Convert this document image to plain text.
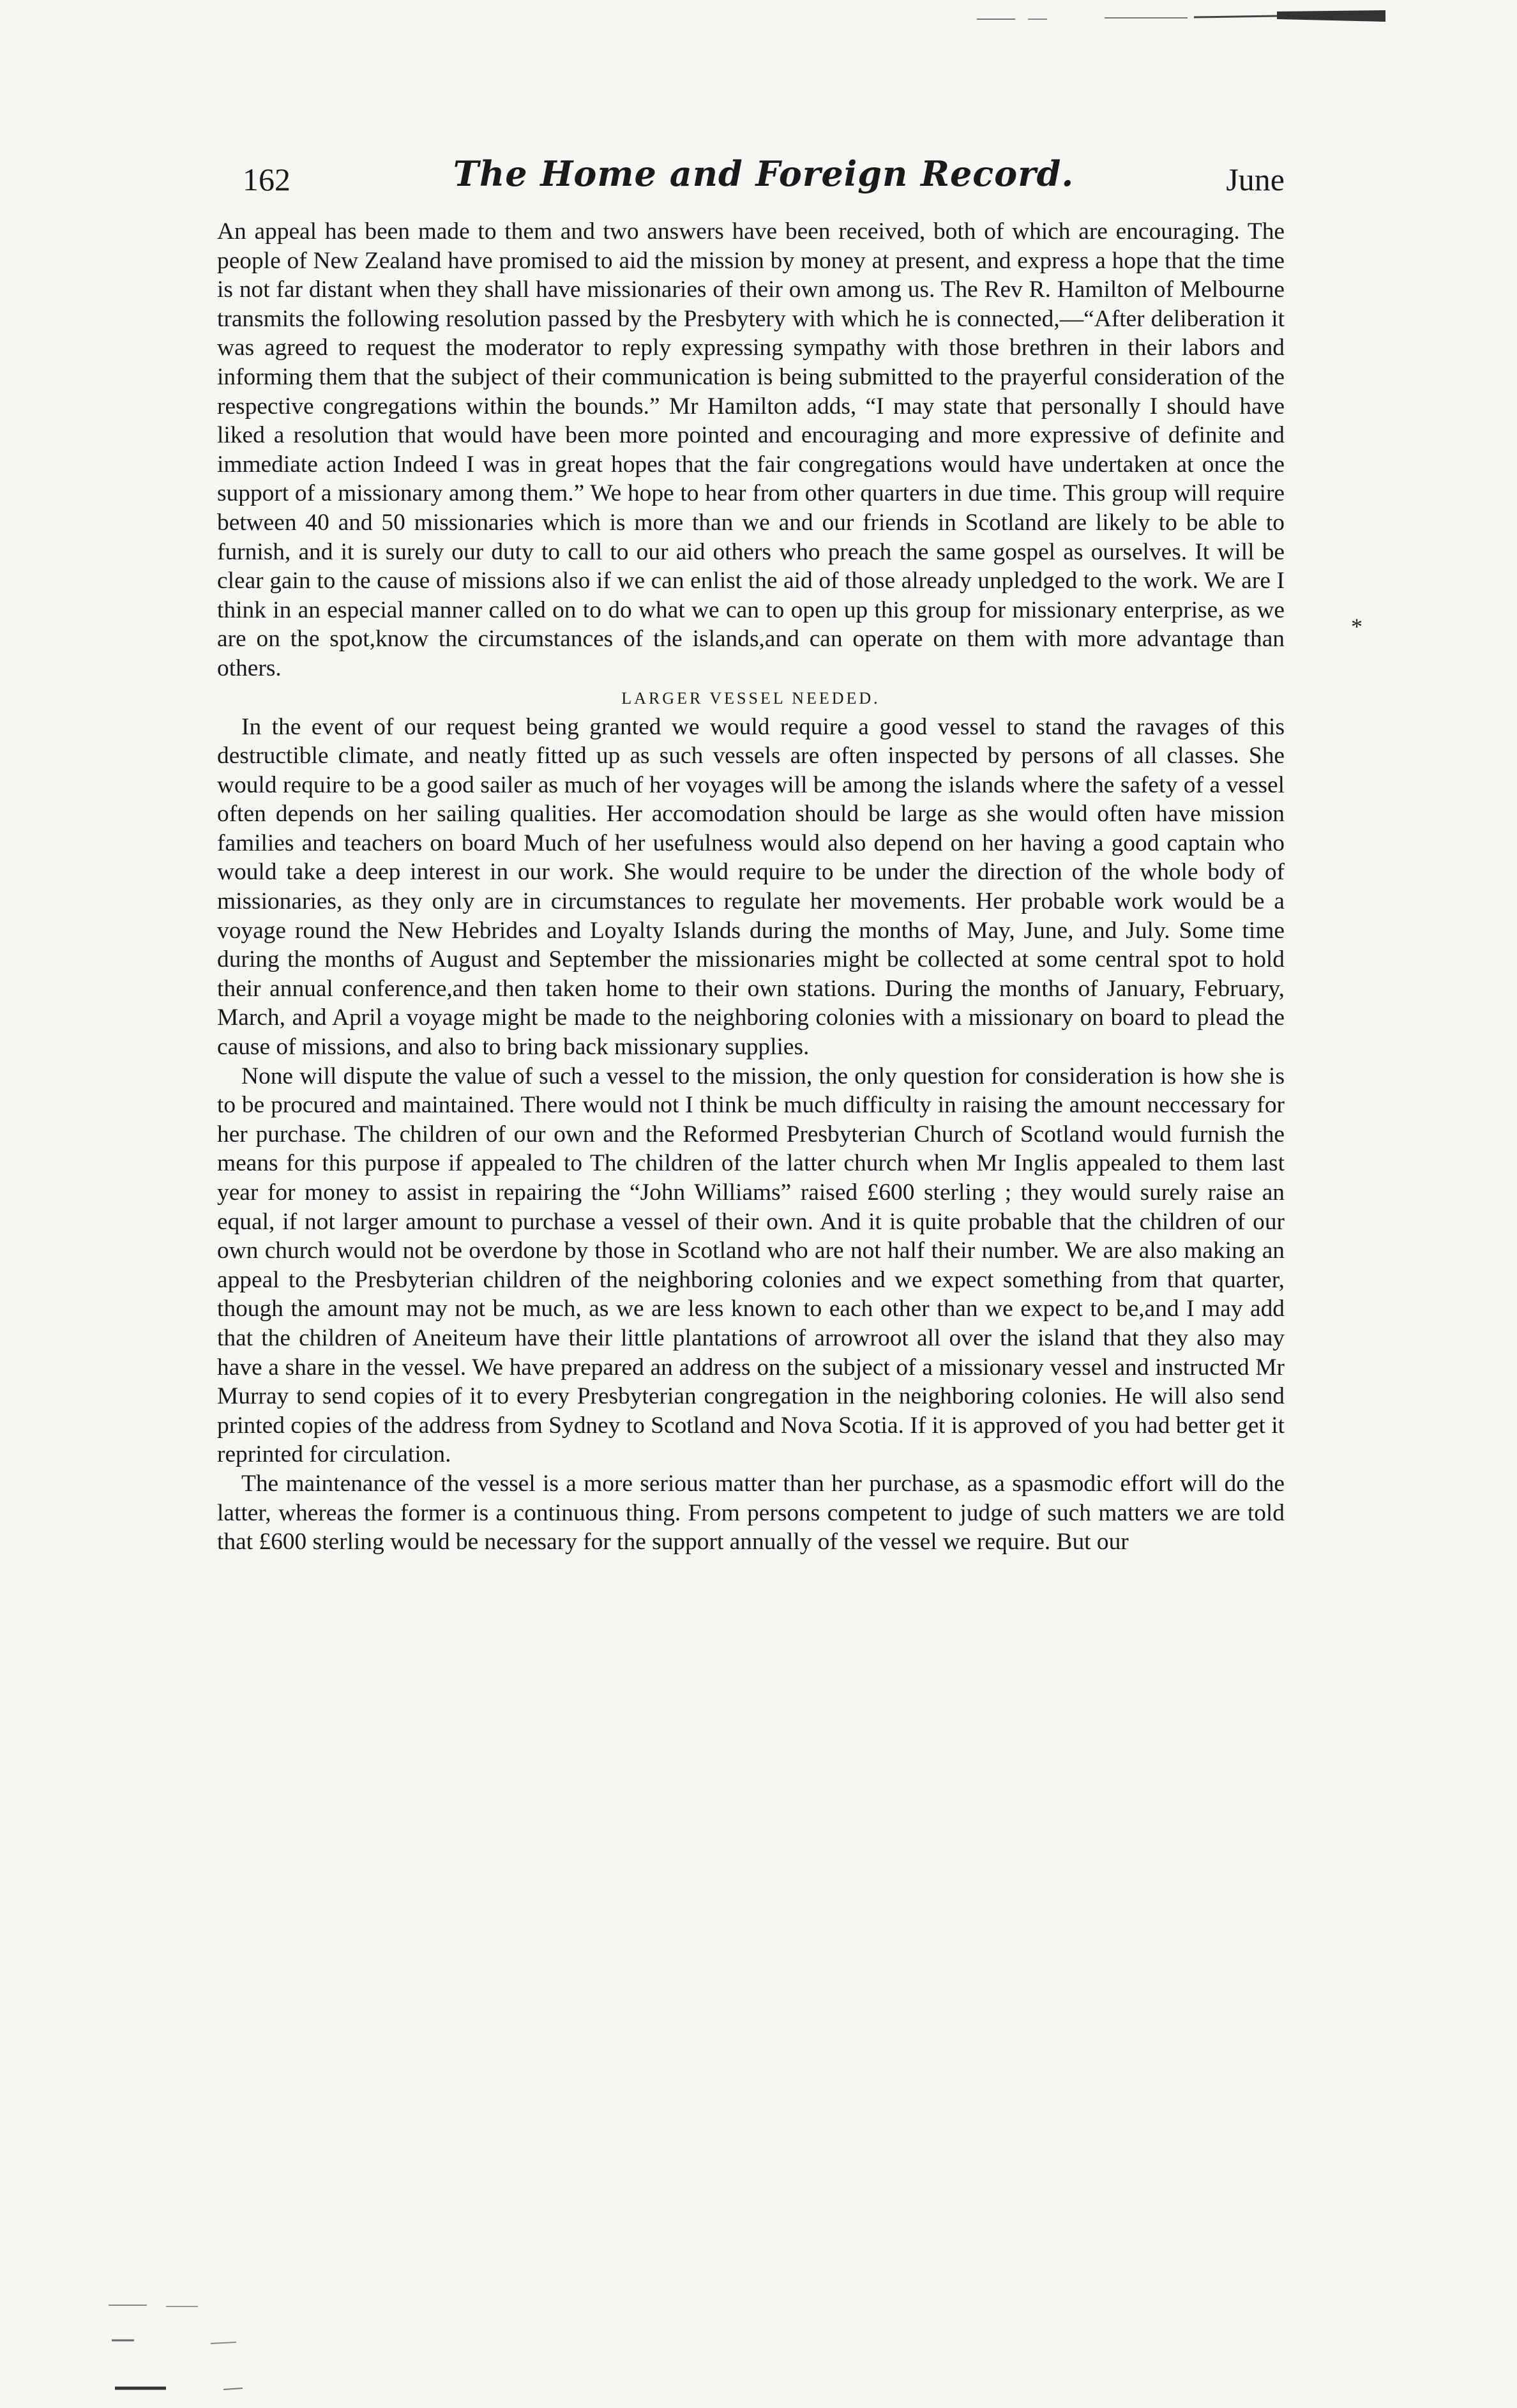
162	The Home and Foreign Record.	June

An appeal has been made to them and two answers have been received, both of which are encouraging. The people of New Zealand have promised to aid the mission by money at present, and express a hope that the time is not far distant when they shall have missionaries of their own among us. The Rev R. Hamilton of Melbourne transmits the following resolution passed by the Presbytery with which he is connected,—“After deliberation it was agreed to request the moderator to reply expressing sympathy with those brethren in their labors and informing them that the subject of their communication is being submitted to the prayerful consideration of the respective congregations within the bounds.” Mr Hamilton adds, “I may state that personally I should have liked a resolution that would have been more pointed and encouraging and more expressive of definite and immediate action Indeed I was in great hopes that the fair congregations would have undertaken at once the support of a missionary among them.” We hope to hear from other quarters in due time. This group will require between 40 and 50 missionaries which is more than we and our friends in Scotland are likely to be able to furnish, and it is surely our duty to call to our aid others who preach the same gospel as ourselves. It will be clear gain to the cause of missions also if we can enlist the aid of those already unpledged to the work. We are I think in an especial manner called on to do what we can to open up this group for missionary enterprise, as we are on the spot,know the circumstances of the islands,and can operate on them with more advantage than others.

LARGER VESSEL NEEDED.

In the event of our request being granted we would require a good vessel to stand the ravages of this destructible climate, and neatly fitted up as such vessels are often inspected by persons of all classes. She would require to be a good sailer as much of her voyages will be among the islands where the safety of a vessel often depends on her sailing qualities. Her accomodation should be large as she would often have mission families and teachers on board Much of her usefulness would also depend on her having a good captain who would take a deep interest in our work. She would require to be under the direction of the whole body of missionaries, as they only are in circumstances to regulate her movements. Her probable work would be a voyage round the New Hebrides and Loyalty Islands during the months of May, June, and July. Some time during the months of August and September the missionaries might be collected at some central spot to hold their annual conference,and then taken home to their own stations. During the months of January, February, March, and April a voyage might be made to the neighboring colonies with a missionary on board to plead the cause of missions, and also to bring back missionary supplies.

None will dispute the value of such a vessel to the mission, the only question for consideration is how she is to be procured and maintained. There would not I think be much difficulty in raising the amount neccessary for her purchase. The children of our own and the Reformed Presbyterian Church of Scotland would furnish the means for this purpose if appealed to The children of the latter church when Mr Inglis appealed to them last year for money to assist in repairing the “John Williams” raised £600 sterling ; they would surely raise an equal, if not larger amount to purchase a vessel of their own. And it is quite probable that the children of our own church would not be overdone by those in Scotland who are not half their number. We are also making an appeal to the Presbyterian children of the neighboring colonies and we expect something from that quarter, though the amount may not be much, as we are less known to each other than we expect to be,and I may add that the children of Aneiteum have their little plantations of arrowroot all over the island that they also may have a share in the vessel. We have prepared an address on the subject of a missionary vessel and instructed Mr Murray to send copies of it to every Presbyterian congregation in the neighboring colonies. He will also send printed copies of the address from Sydney to Scotland and Nova Scotia. If it is approved of you had better get it reprinted for circulation.

The maintenance of the vessel is a more serious matter than her purchase, as a spasmodic effort will do the latter, whereas the former is a continuous thing. From persons competent to judge of such matters we are told that £600 sterling would be necessary for the support annually of the vessel we require. But our

*
